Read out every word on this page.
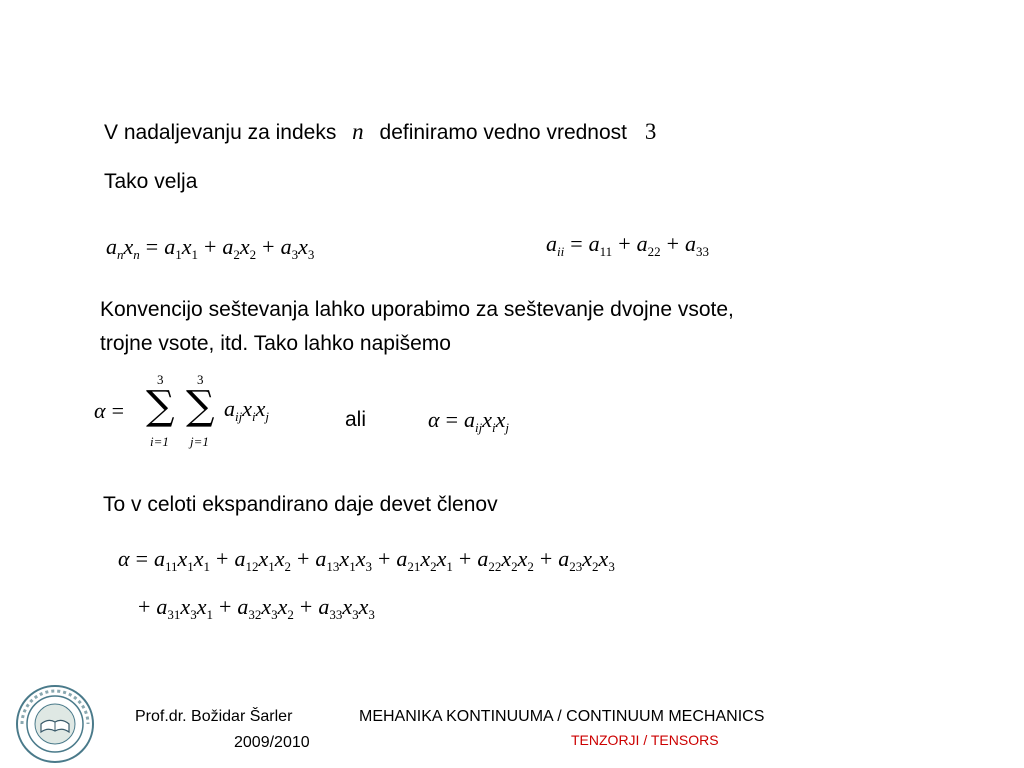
V nadaljevanju za indeks n definiramo vedno vrednost 3
Tako velja
$a_nx_n = a_1x_1 + a_2x_2 + a_3x_3$	$a_{ii} = a_{11} + a_{22} + a_{33}$
Konvencijo seštevanja lahko uporabimo za seštevanje dvojne vsote,
trojne vsote, itd. Tako lahko napišemo
α =
3
∑
i=1
3
∑
j=1
$a_{ij}x_ix_j$	ali	$\alpha = a_{ij}x_ix_j$
To v celoti ekspandirano daje devet členov
$\alpha = a_{11}x_1x_1 + a_{12}x_1x_2 + a_{13}x_1x_3 + a_{21}x_2x_1 + a_{22}x_2x_2 + a_{23}x_2x_3$
+ $a_{31}x_3x_1 + a_{32}x_3x_2 + a_{33}x_3x_3$
Prof.dr. Božidar Šarler
2009/2010
MEHANIKA KONTINUUMA / CONTINUUM MECHANICS
TENZORJI / TENSORS
